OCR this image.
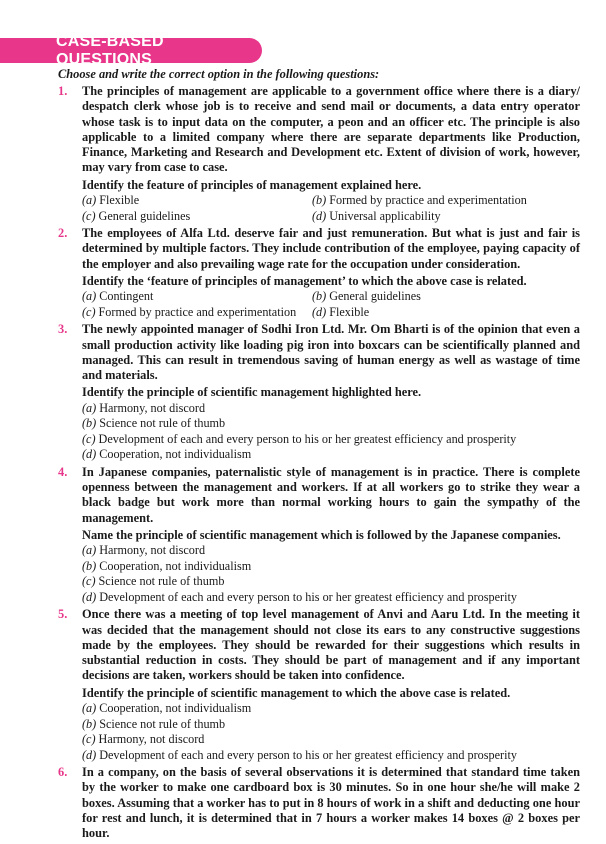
CASE-BASED QUESTIONS
Choose and write the correct option in the following questions:
1. The principles of management are applicable to a government office where there is a diary/ despatch clerk whose job is to receive and send mail or documents, a data entry operator whose task is to input data on the computer, a peon and an officer etc. The principle is also applicable to a limited company where there are separate departments like Production, Finance, Marketing and Research and Development etc. Extent of division of work, however, may vary from case to case.
Identify the feature of principles of management explained here.
(a) Flexible	(b) Formed by practice and experimentation
(c) General guidelines	(d) Universal applicability
2. The employees of Alfa Ltd. deserve fair and just remuneration. But what is just and fair is determined by multiple factors. They include contribution of the employee, paying capacity of the employer and also prevailing wage rate for the occupation under consideration.
Identify the ‘feature of principles of management’ to which the above case is related.
(a) Contingent	(b) General guidelines
(c) Formed by practice and experimentation	(d) Flexible
3. The newly appointed manager of Sodhi Iron Ltd. Mr. Om Bharti is of the opinion that even a small production activity like loading pig iron into boxcars can be scientifically planned and managed. This can result in tremendous saving of human energy as well as wastage of time and materials.
Identify the principle of scientific management highlighted here.
(a) Harmony, not discord
(b) Science not rule of thumb
(c) Development of each and every person to his or her greatest efficiency and prosperity
(d) Cooperation, not individualism
4. In Japanese companies, paternalistic style of management is in practice. There is complete openness between the management and workers. If at all workers go to strike they wear a black badge but work more than normal working hours to gain the sympathy of the management.
Name the principle of scientific management which is followed by the Japanese companies.
(a) Harmony, not discord
(b) Cooperation, not individualism
(c) Science not rule of thumb
(d) Development of each and every person to his or her greatest efficiency and prosperity
5. Once there was a meeting of top level management of Anvi and Aaru Ltd. In the meeting it was decided that the management should not close its ears to any constructive suggestions made by the employees. They should be rewarded for their suggestions which results in substantial reduction in costs. They should be part of management and if any important decisions are taken, workers should be taken into confidence.
Identify the principle of scientific management to which the above case is related.
(a) Cooperation, not individualism
(b) Science not rule of thumb
(c) Harmony, not discord
(d) Development of each and every person to his or her greatest efficiency and prosperity
6. In a company, on the basis of several observations it is determined that standard time taken by the worker to make one cardboard box is 30 minutes. So in one hour she/he will make 2 boxes. Assuming that a worker has to put in 8 hours of work in a shift and deducting one hour for rest and lunch, it is determined that in 7 hours a worker makes 14 boxes @ 2 boxes per hour.
